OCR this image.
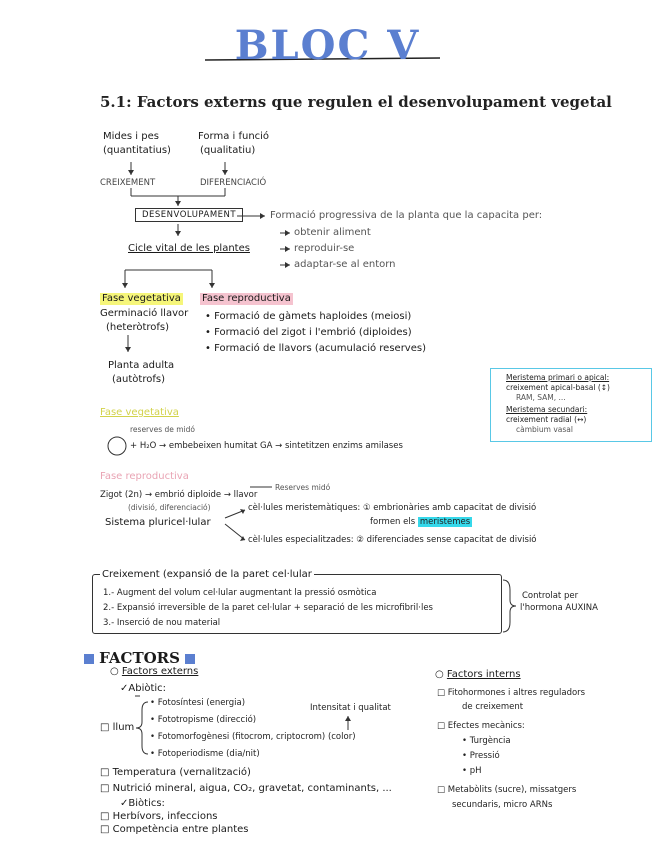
BLOC V
5.1: Factors externs que regulen el desenvolupament vegetal
Mides i pes
(quantitatius)
Forma i funció
(qualitatiu)
CREIXEMENT	DIFERENCIACIÓ
DESENVOLUPAMENT	Formació progressiva de la planta que la capacita per:
obtenir aliment
reproduir-se
adaptar-se al entorn
Cicle vital de les plantes
Fase vegetativa
Germinació llavor
(heteròtrofs)
Planta adulta
(autòtrofs)
Fase reproductiva
• Formació de gàmets haploides (meiosi)
• Formació del zigot i l'embrió (diploides)
• Formació de llavors (acumulació reserves)
Meristema primari o apical:
creixement apical-basal (↕)
RAM, SAM, ...
Meristema secundari:
creixement radial (↔)
càmbium vasal
Fase vegetativa
reserves de midó
+ H₂O → embebeixen humitat GA → sintetitzen enzims amilases
Fase reproductiva
Zigot (2n) → embrió diploide → llavor
Reserves midó
(divisió, diferenciació)
Sistema pluricel·lular
cèl·lules meristemàtiques: ① embrionàries amb capacitat de divisió
formen els meristemes
cèl·lules especialitzades: ② diferenciades sense capacitat de divisió
Creixement (expansió de la paret cel·lular
1.- Augment del volum cel·lular augmentant la pressió osmòtica
2.- Expansió irreversible de la paret cel·lular + separació de les microfibril·les
3.- Inserció de nou material
Controlat per
l'hormona AUXINA
FACTORS
○ Factors externs
✓Abiòtic:
□ llum
• Fotosíntesi (energia)
• Fototropisme (direcció)
• Fotomorfogènesi (fitocrom, criptocrom) (color)
• Fotoperiodisme (dia/nit)
Intensitat i qualitat
□ Temperatura (vernalització)
□ Nutrició mineral, aigua, CO₂, gravetat, contaminants, ...
✓Biòtics:
□ Herbívors, infeccions
□ Competència entre plantes
○ Factors interns
□ Fitohormones i altres reguladors
de creixement
□ Efectes mecànics:
• Turgència
• Pressió
• pH
□ Metabòlits (sucre), missatgers
secundaris, micro ARNs
